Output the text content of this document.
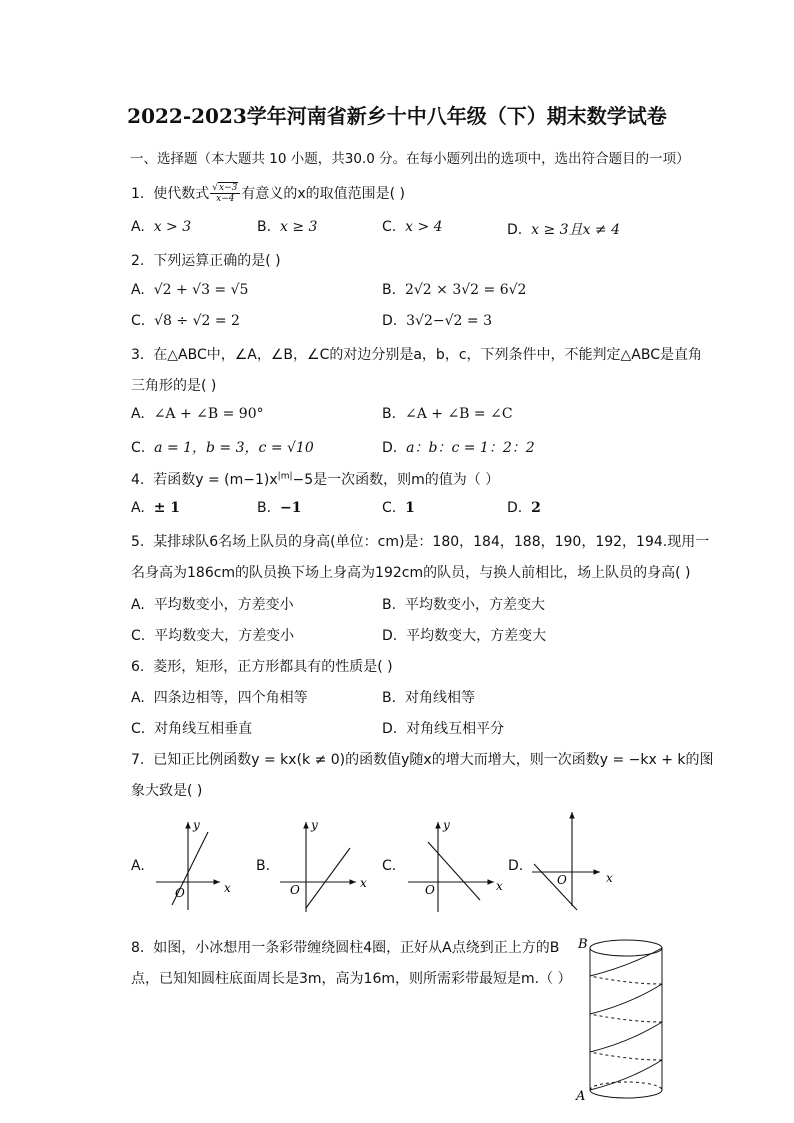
2022-2023学年河南省新乡十中八年级（下）期末数学试卷
一、选择题（本大题共 10 小题，共30.0 分。在每小题列出的选项中，选出符合题目的一项）
1. 使代数式$\frac{√x-3}{x-4}$有意义的x的取值范围是( )
A. x > 3	B. x ≥ 3	C. x > 4	D. x ≥ 3且x ≠ 4
2. 下列运算正确的是( )
A. √2 + √3 = √5	B. 2√2 × 3√2 = 6√2
C. √8 ÷ √2 = 2	D. 3√2−√2 = 3
3. 在△ABC中，∠A，∠B，∠C的对边分别是a，b，c，下列条件中，不能判定△ABC是直角
三角形的是( )
A. ∠A + ∠B = 90°	B. ∠A + ∠B = ∠C
C. a = 1，b = 3，c = √10	D. a：b：c = 1：2：2
4. 若函数$y = (m-1)x^{|m|}-5$是一次函数，则m的值为（ ）
A. ± 1	B. −1	C. 1	D. 2
5. 某排球队6名场上队员的身高(单位：cm)是：180，184，188，190，192，194.现用一
名身高为186cm的队员换下场上身高为192cm的队员，与换人前相比，场上队员的身高( )
A. 平均数变小，方差变小	B. 平均数变小，方差变大
C. 平均数变大，方差变小	D. 平均数变大，方差变大
6. 菱形，矩形，正方形都具有的性质是( )
A. 四条边相等，四个角相等	B. 对角线相等
C. 对角线互相垂直	D. 对角线互相平分
7. 已知正比例函数y = kx(k ≠ 0)的函数值y随x的增大而增大，则一次函数y = −kx + k的图
象大致是( )
A.	B.	C.	D.
y
x
O
y
x
O
y
x
O
x
O
B
A
8. 如图，小冰想用一条彩带缠绕圆柱4圈，正好从A点绕到正上方的B
点，已知知圆柱底面周长是3m，高为16m，则所需彩带最短是m.（ ）
